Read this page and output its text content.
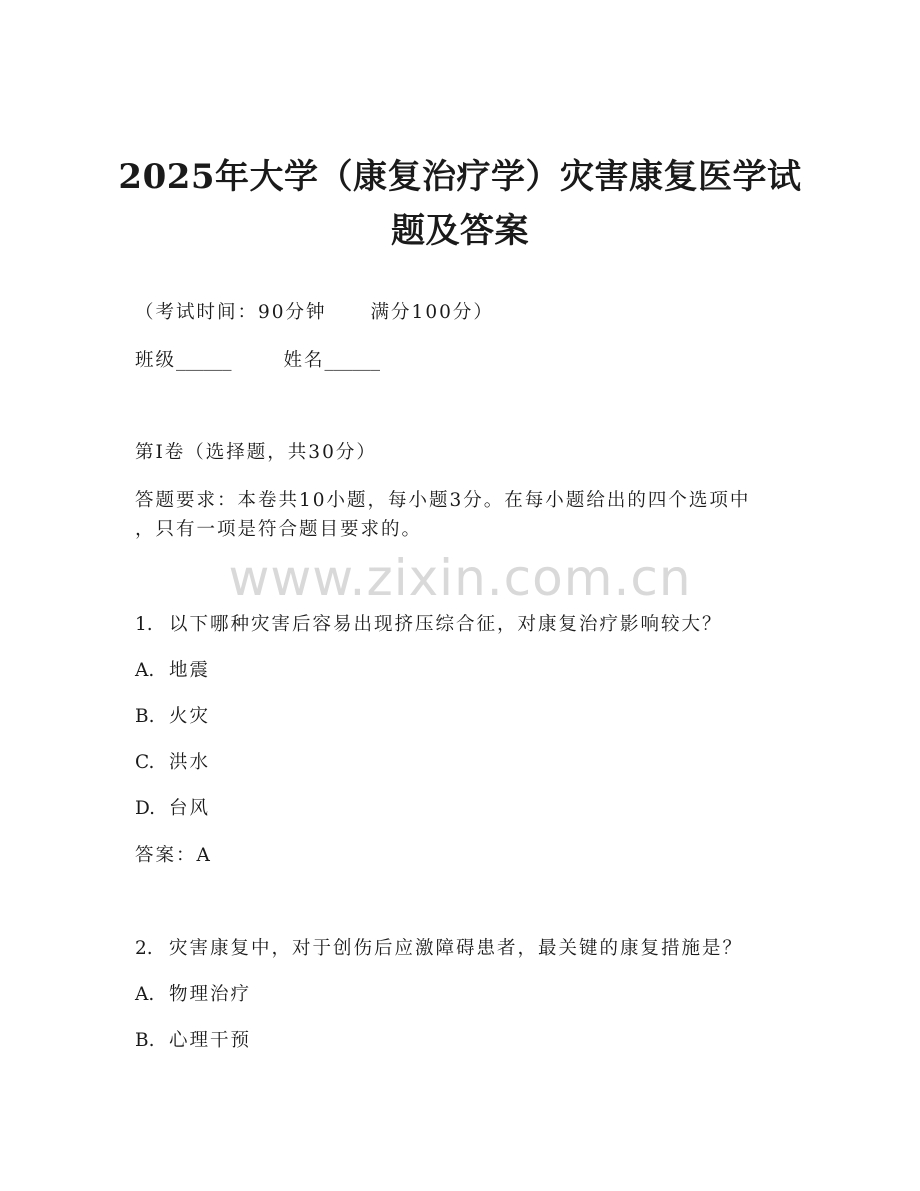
2025年大学（康复治疗学）灾害康复医学试
题及答案
（考试时间：90分钟 满分100分）
班级______	姓名______
第I卷（选择题，共30分）
答题要求：本卷共10小题，每小题3分。在每小题给出的四个选项中
，只有一项是符合题目要求的。
www.zixin.com.cn
1. 以下哪种灾害后容易出现挤压综合征，对康复治疗影响较大？
A. 地震
B. 火灾
C. 洪水
D. 台风
答案：A
2. 灾害康复中，对于创伤后应激障碍患者，最关键的康复措施是？
A. 物理治疗
B. 心理干预
